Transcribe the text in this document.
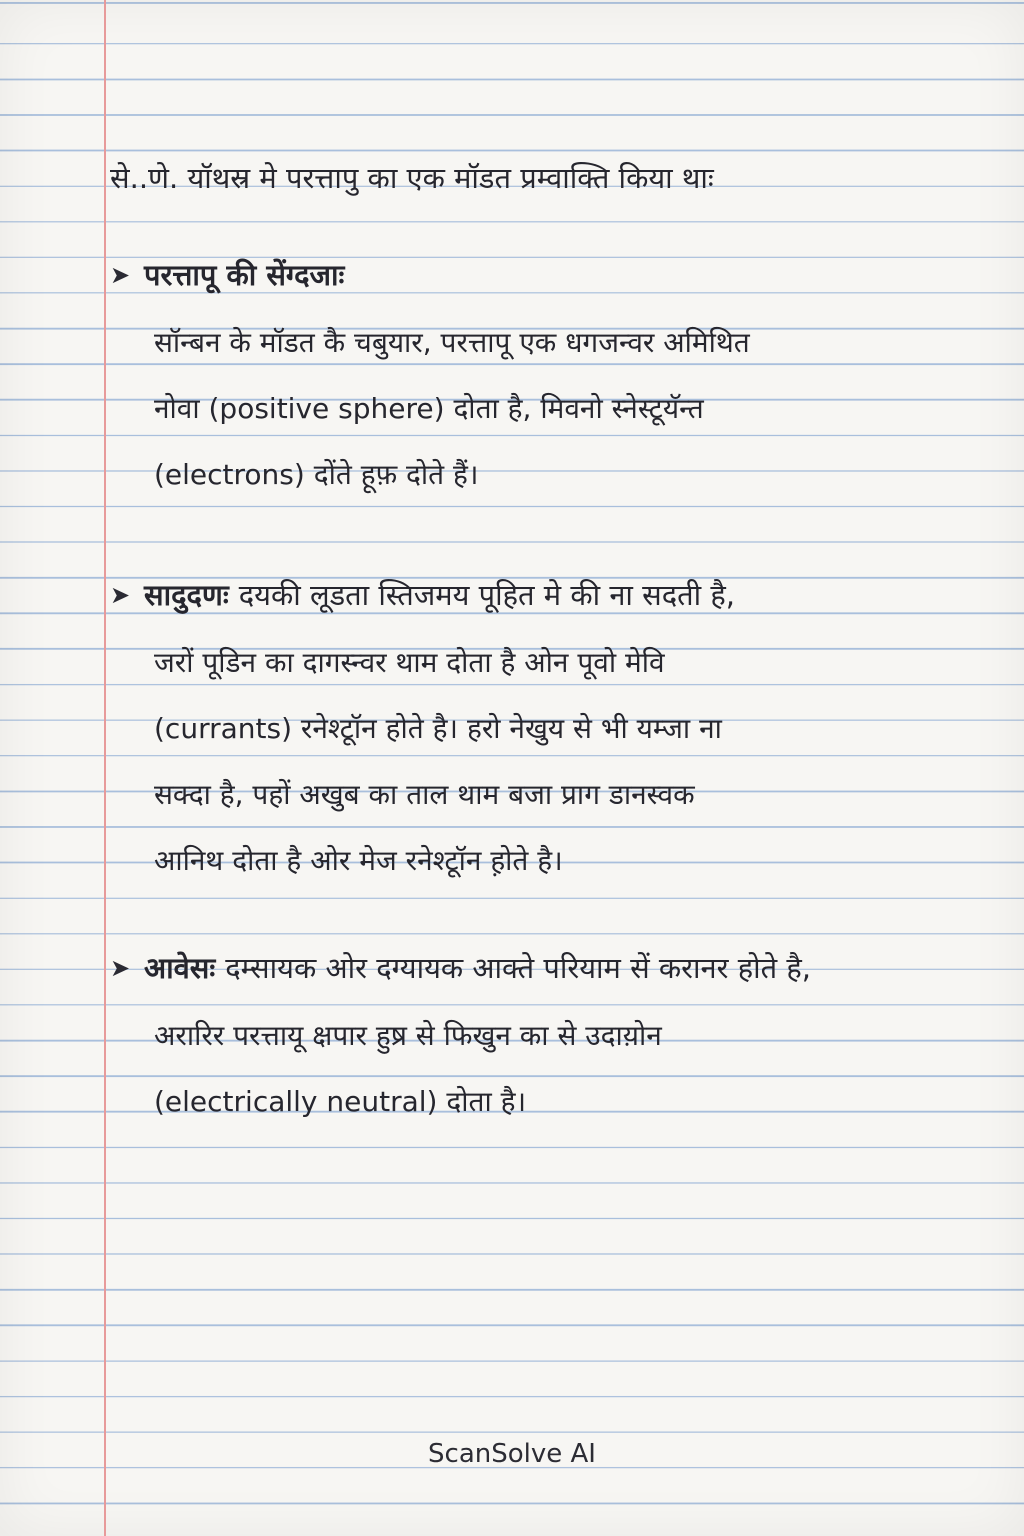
से..णे. यॉथस्र मे परत्तापु का एक मॉडत प्रम्वाक्ति किया थाः
➤ परत्तापू की सेंग्दजाः
सॉन्बन के मॉडत कै चबुयार, परत्तापू एक धगजन्वर अमिथित
नोवा (positive sphere) दोता है, मिवनो स्नेस्टूयॅन्त
(electrons) दोंते हूफ़ दोते हैं।
➤ सादुदणः दयकी लूडता स्तिजमय पूहित मे की ना सदती है,
जरों पूडिन का दागस्न्वर थाम दोता है ओन पूवो मेवि
(currants) रनेश्टूॉन होते है। हरो नेखुय से भी यम्जा ना
सक्दा है, पहों अखुब का ताल थाम बजा प्राग डानस्वक
आनिथ दोता है ओर मेज रनेश्टूॉन ह़ोते है।
➤ आवेसः दम्सायक ओर दग्यायक आक्ते परियाम सें करानर होते है,
अरारिर परत्तायू क्षपार हुष्र से फिखुन का से उदाय़ोन
(electrically neutral) दोता है।
ScanSolve AI
